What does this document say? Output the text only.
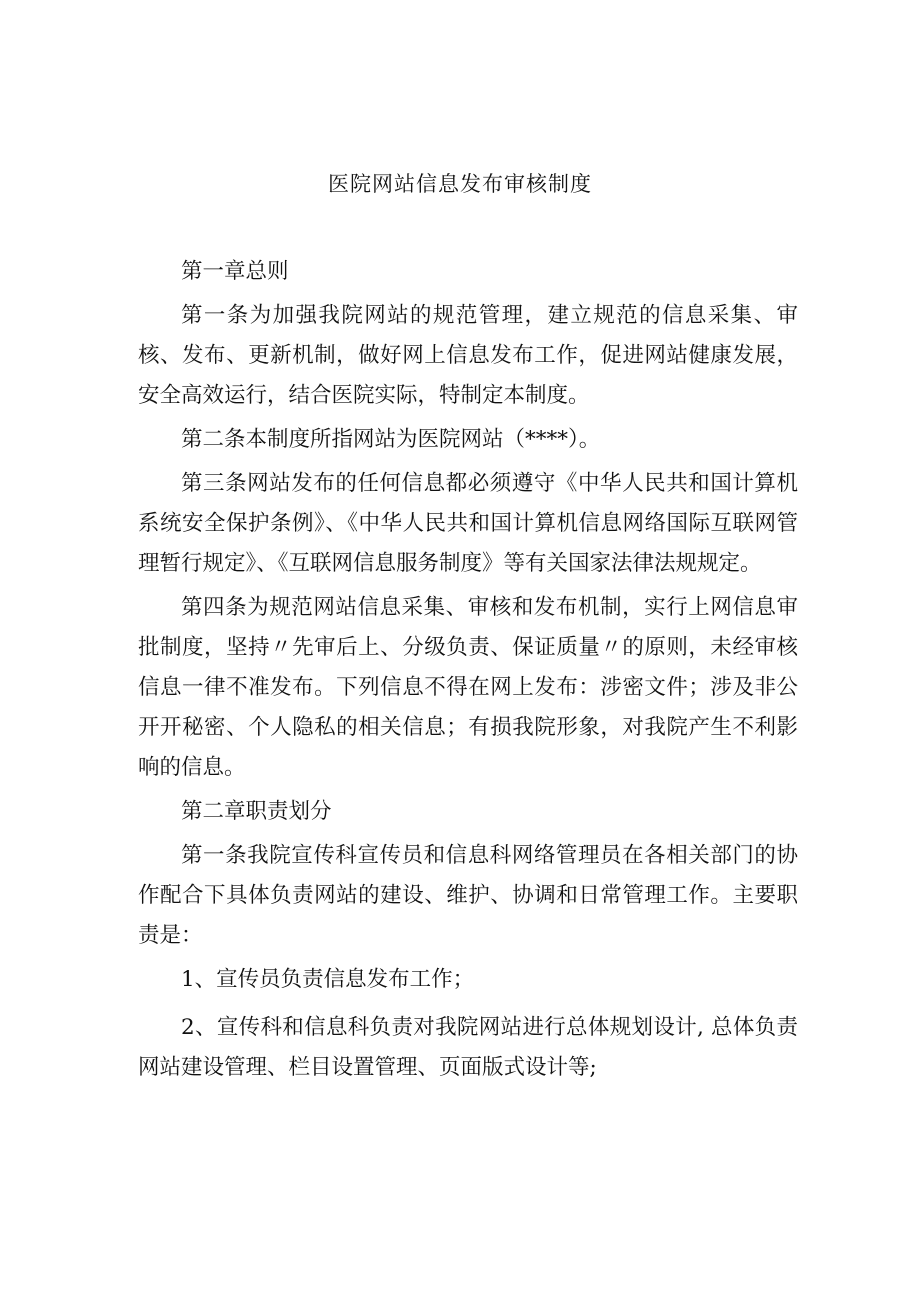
医院网站信息发布审核制度

第一章总则

第一条为加强我院网站的规范管理，建立规范的信息采集、审核、发布、更新机制，做好网上信息发布工作，促进网站健康发展，安全高效运行，结合医院实际，特制定本制度。

第二条本制度所指网站为医院网站（****）。

第三条网站发布的任何信息都必须遵守《中华人民共和国计算机系统安全保护条例》、《中华人民共和国计算机信息网络国际互联网管理暂行规定》、《互联网信息服务制度》等有关国家法律法规规定。

第四条为规范网站信息采集、审核和发布机制，实行上网信息审批制度，坚持〃先审后上、分级负责、保证质量〃的原则，未经审核信息一律不准发布。下列信息不得在网上发布：涉密文件；涉及非公开开秘密、个人隐私的相关信息；有损我院形象，对我院产生不利影响的信息。

第二章职责划分

第一条我院宣传科宣传员和信息科网络管理员在各相关部门的协作配合下具体负责网站的建设、维护、协调和日常管理工作。主要职责是：

1、宣传员负责信息发布工作；

2、宣传科和信息科负责对我院网站进行总体规划设计, 总体负责网站建设管理、栏目设置管理、页面版式设计等;
